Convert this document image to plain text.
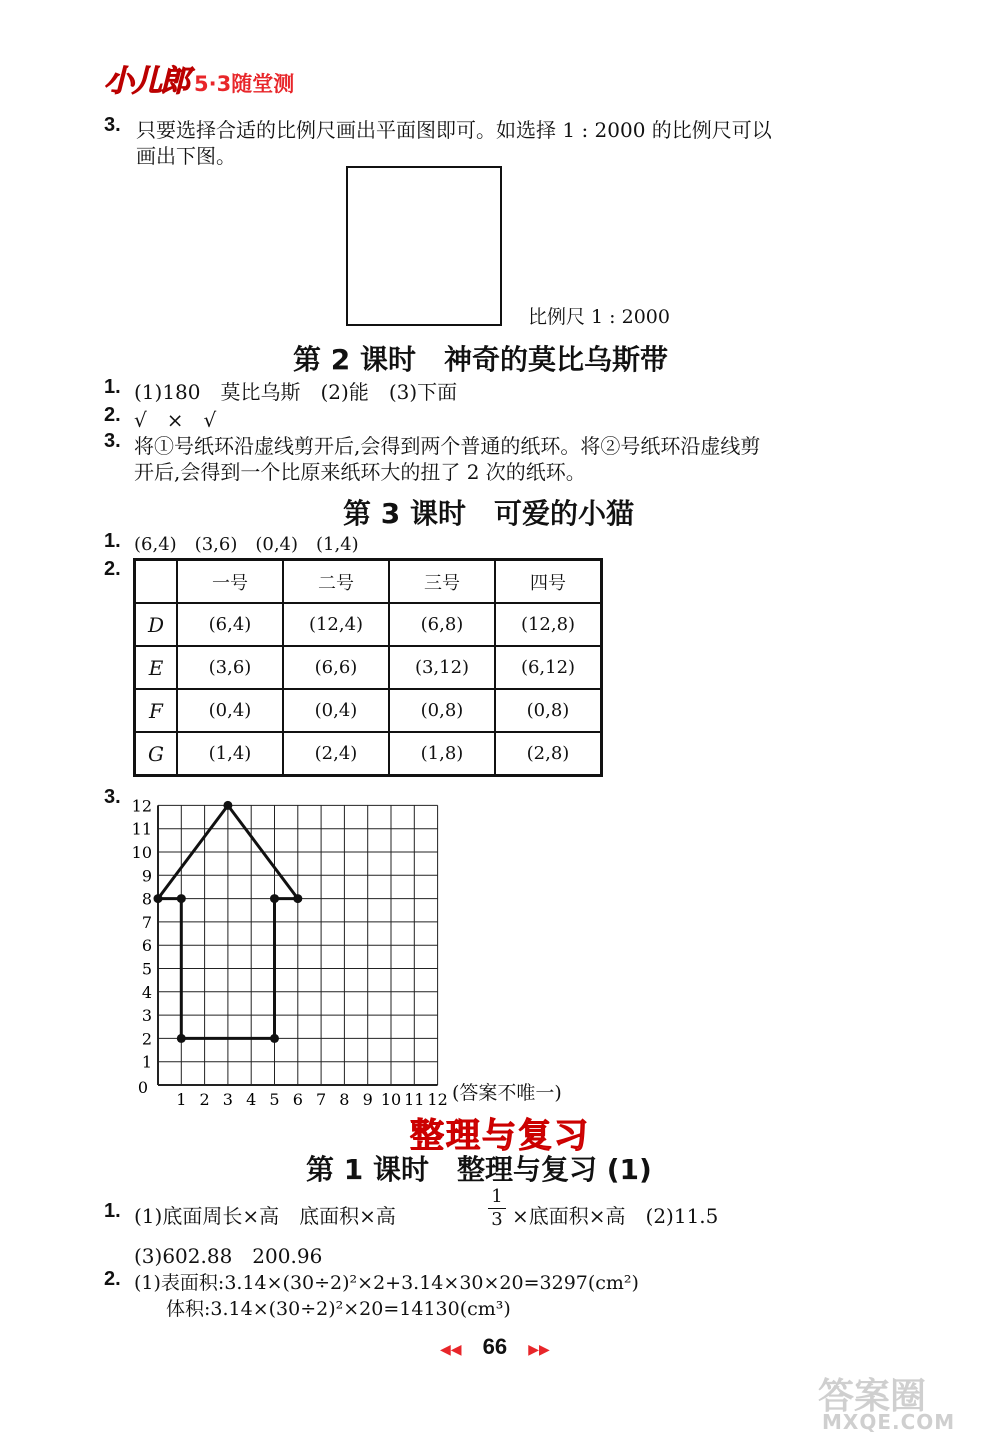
小儿郎 5·3随堂测
3. 只要选择合适的比例尺画出平面图即可。如选择 1 : 2000 的比例尺可以
画出下图。
比例尺 1 : 2000
第 2 课时　神奇的莫比乌斯带
1. (1)180　莫比乌斯　(2)能　(3)下面
2. √　×　√
3. 将①号纸环沿虚线剪开后,会得到两个普通的纸环。将②号纸环沿虚线剪
开后,会得到一个比原来纸环大的扭了 2 次的纸环。
第 3 课时　可爱的小猫
1. (6,4)　(3,6)　(0,4)　(1,4)
2.
	一号	二号	三号	四号
D	(6,4)	(12,4)	(6,8)	(12,8)
E	(3,6)	(6,6)	(3,12)	(6,12)
F	(0,4)	(0,4)	(0,8)	(0,8)
G	(1,4)	(2,4)	(1,8)	(2,8)
3.
1 2 3 4 5 6 7 8 9 10 11 12
1
2
3
4
5
6
7
8
9
10
11
12
0	(答案不唯一)
整理与复习
第 1 课时　整理与复习 (1)
1. (1)底面周长×高　底面积×高	$\frac{1}{3}$ ×底面积×高　(2)11.5
(3)602.88　200.96
2. (1)表面积:3.14×(30÷2)²×2+3.14×30×20=3297(cm²)
体积:3.14×(30÷2)²×20=14130(cm³)
◀◀ 66 ▶▶
答案圈
MXQE.COM
